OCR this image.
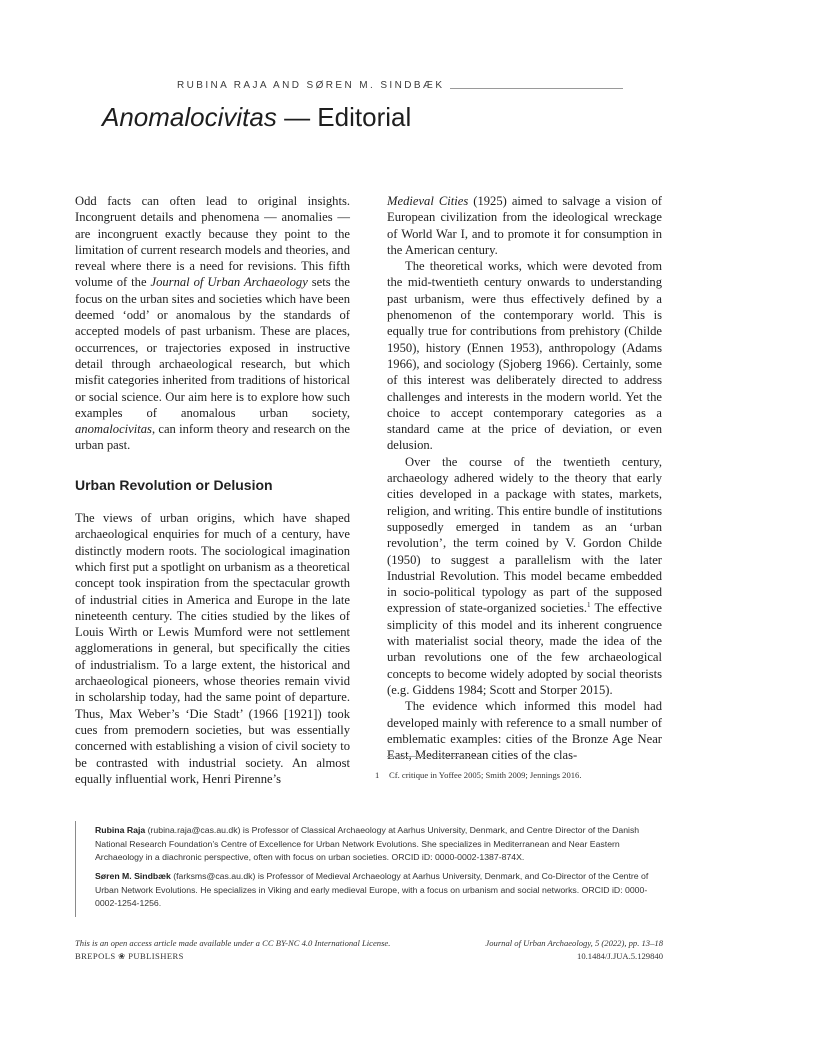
RUBINA RAJA AND SØREN M. SINDBÆK
Anomalocivitas — Editorial

Odd facts can often lead to original insights. Incongruent details and phenomena — anomalies — are incongruent exactly because they point to the limitation of current research models and theories, and reveal where there is a need for revisions. This fifth volume of the Journal of Urban Archaeology sets the focus on the urban sites and societies which have been deemed ‘odd’ or anomalous by the standards of accepted models of past urbanism. These are places, occurrences, or trajectories exposed in instructive detail through archaeological research, but which misfit categories inherited from traditions of historical or social science. Our aim here is to explore how such examples of anomalous urban society, anomalocivitas, can inform theory and research on the urban past.

Urban Revolution or Delusion

The views of urban origins, which have shaped archaeological enquiries for much of a century, have distinctly modern roots. The sociological imagination which first put a spotlight on urbanism as a theoretical concept took inspiration from the spectacular growth of industrial cities in America and Europe in the late nineteenth century. The cities studied by the likes of Louis Wirth or Lewis Mumford were not settlement agglomerations in general, but specifically the cities of industrialism. To a large extent, the historical and archaeological pioneers, whose theories remain vivid in scholarship today, had the same point of departure. Thus, Max Weber’s ‘Die Stadt’ (1966 [1921]) took cues from premodern societies, but was essentially concerned with establishing a vision of civil society to be contrasted with industrial society. An almost equally influential work, Henri Pirenne’s

Medieval Cities (1925) aimed to salvage a vision of European civilization from the ideological wreckage of World War I, and to promote it for consumption in the American century.

The theoretical works, which were devoted from the mid-twentieth century onwards to understanding past urbanism, were thus effectively defined by a phenomenon of the contemporary world. This is equally true for contributions from prehistory (Childe 1950), history (Ennen 1953), anthropology (Adams 1966), and sociology (Sjoberg 1966). Certainly, some of this interest was deliberately directed to address challenges and interests in the modern world. Yet the choice to accept contemporary categories as a standard came at the price of deviation, or even delusion.

Over the course of the twentieth century, archaeology adhered widely to the theory that early cities developed in a package with states, markets, religion, and writing. This entire bundle of institutions supposedly emerged in tandem as an ‘urban revolution’, the term coined by V. Gordon Childe (1950) to suggest a parallelism with the later Industrial Revolution. This model became embedded in socio-political typology as part of the supposed expression of state-organized societies.$^1$ The effective simplicity of this model and its inherent congruence with materialist social theory, made the idea of the urban revolutions one of the few archaeological concepts to become widely adopted by social theorists (e.g. Giddens 1984; Scott and Storper 2015).

The evidence which informed this model had developed mainly with reference to a small number of emblematic examples: cities of the Bronze Age Near East, Mediterranean cities of the clas-

1 Cf. critique in Yoffee 2005; Smith 2009; Jennings 2016.
Rubina Raja (rubina.raja@cas.au.dk) is Professor of Classical Archaeology at Aarhus University, Denmark, and Centre Director of the Danish National Research Foundation’s Centre of Excellence for Urban Network Evolutions. She specializes in Mediterranean and Near Eastern Archaeology in a diachronic perspective, often with focus on urban societies. ORCID iD: 0000-0002-1387-874X.
Søren M. Sindbæk (farksms@cas.au.dk) is Professor of Medieval Archaeology at Aarhus University, Denmark, and Co-Director of the Centre of Urban Network Evolutions. He specializes in Viking and early medieval Europe, with a focus on urbanism and social networks. ORCID iD: 0000-0002-1254-1256.
This is an open access article made available under a CC BY-NC 4.0 International License.	Journal of Urban Archaeology, 5 (2022), pp. 13–18
BREPOLS ❀ PUBLISHERS	10.1484/J.JUA.5.129840
